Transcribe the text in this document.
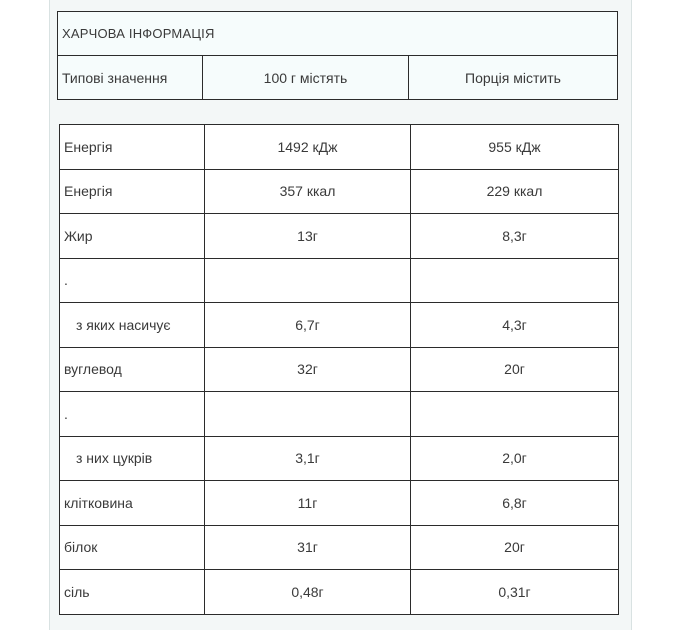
ХАРЧОВА ІНФОРМАЦІЯ
Типові значення	100 г містять	Порція містить
Енергія	1492 кДж	955 кДж
Енергія	357 ккал	229 ккал
Жир	13г	8,3г
.		
з яких насичує	6,7г	4,3г
вуглевод	32г	20г
.		
з них цукрів	3,1г	2,0г
клітковина	11г	6,8г
білок	31г	20г
сіль	0,48г	0,31г
